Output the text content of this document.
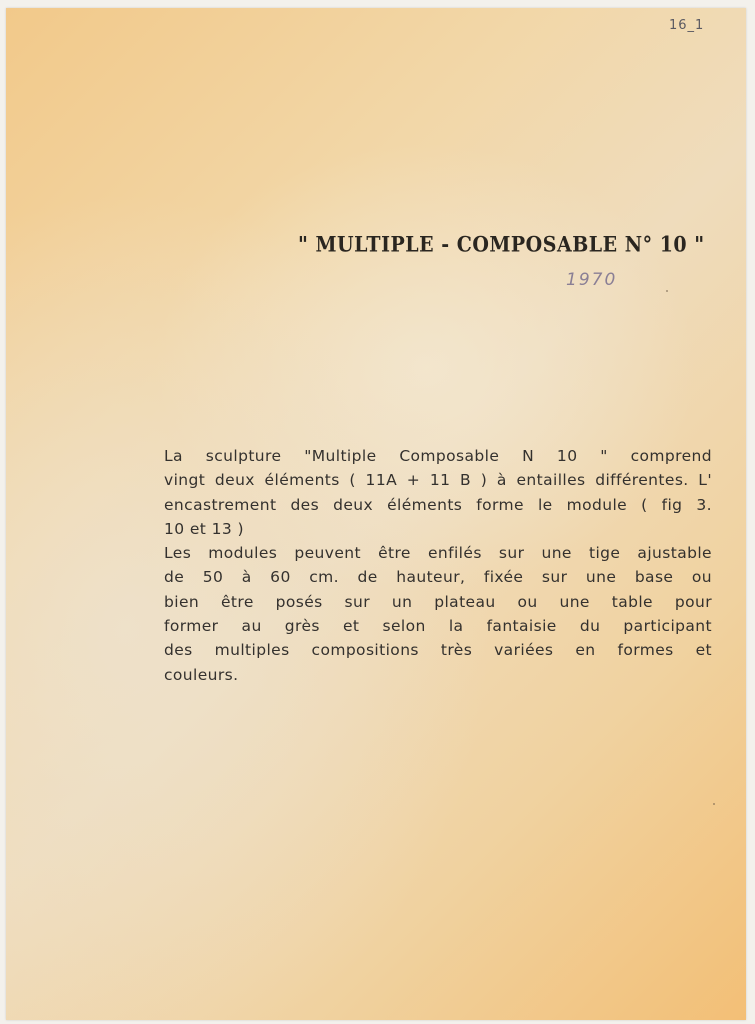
16_1
" MULTIPLE - COMPOSABLE N° 10 "
1970
La sculpture "Multiple Composable N 10 " comprend
vingt deux éléments ( 11A + 11 B ) à entailles différentes. L'
encastrement des deux éléments forme le module ( fig 3.
10 et 13 )
Les modules peuvent être enfilés sur une tige ajustable
de 50 à 60 cm. de hauteur, fixée sur une base ou
bien être posés sur un plateau ou une table pour
former au grès et selon la fantaisie du participant
des multiples compositions très variées en formes et
couleurs.
